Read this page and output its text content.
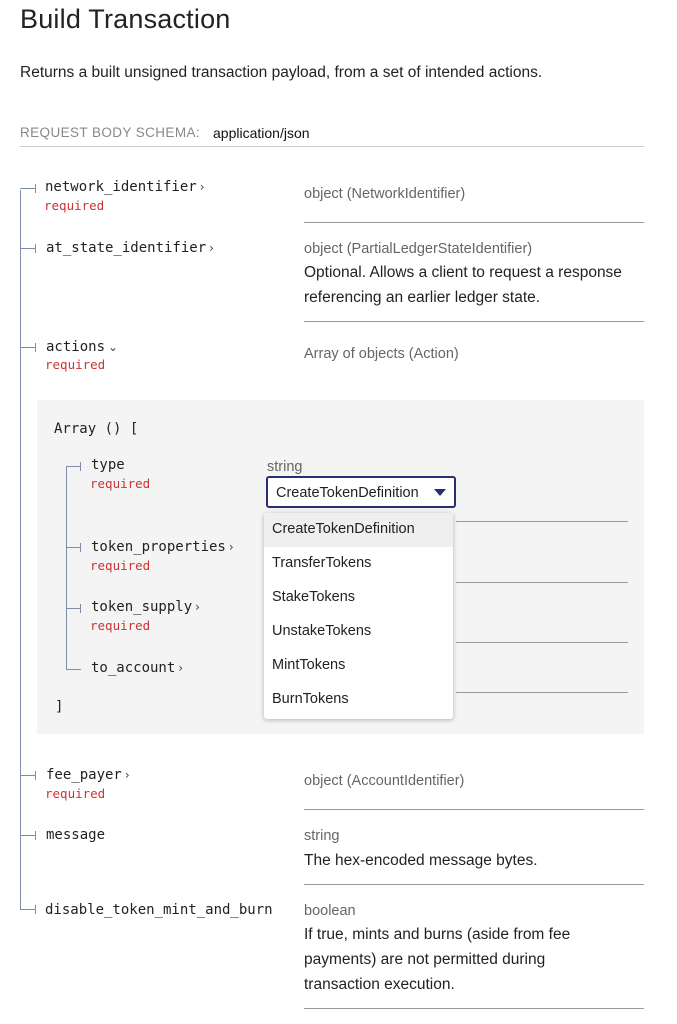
Build Transaction
Returns a built unsigned transaction payload, from a set of intended actions.
REQUEST BODY SCHEMA: application/json
network_identifier ›
required
object (NetworkIdentifier)
at_state_identifier ›	object (PartialLedgerStateIdentifier)
Optional. Allows a client to request a response
referencing an earlier ledger state.
actions ⌄
required
Array of objects (Action)
Array () [
]
type
required
string
token_properties ›
required
token_supply ›
required
to_account ›
CreateTokenDefinition
CreateTokenDefinition
TransferTokens
StakeTokens
UnstakeTokens
MintTokens
BurnTokens
fee_payer ›
required
object (AccountIdentifier)
message	string
The hex-encoded message bytes.
disable_token_mint_and_burn boolean
If true, mints and burns (aside from fee
payments) are not permitted during
transaction execution.
